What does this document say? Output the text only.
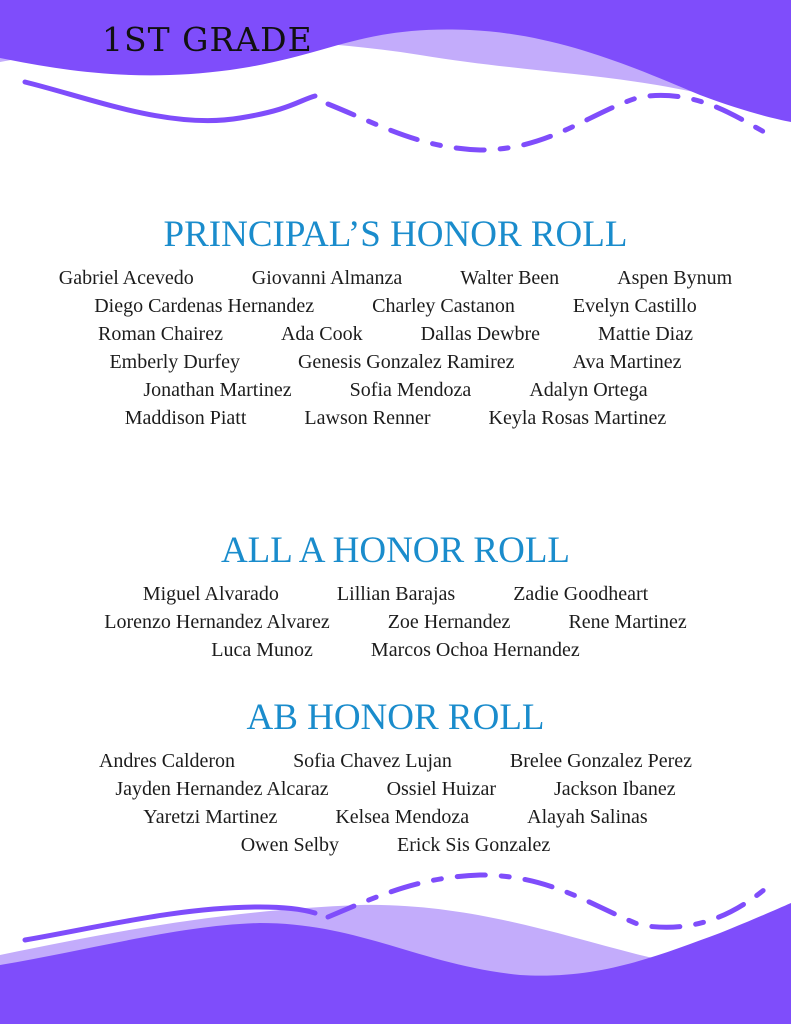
1ST GRADE
PRINCIPAL’S HONOR ROLL
Gabriel Acevedo	Giovanni Almanza	Walter Been	Aspen Bynum
Diego Cardenas Hernandez	Charley Castanon	Evelyn Castillo
Roman Chairez	Ada Cook	Dallas Dewbre	Mattie Diaz
Emberly Durfey	Genesis Gonzalez Ramirez	Ava Martinez
Jonathan Martinez	Sofia Mendoza	Adalyn Ortega
Maddison Piatt	Lawson Renner	Keyla Rosas Martinez
ALL A HONOR ROLL
Miguel Alvarado	Lillian Barajas	Zadie Goodheart
Lorenzo Hernandez Alvarez	Zoe Hernandez	Rene Martinez
Luca Munoz	Marcos Ochoa Hernandez
AB HONOR ROLL
Andres Calderon	Sofia Chavez Lujan	Brelee Gonzalez Perez
Jayden Hernandez Alcaraz	Ossiel Huizar	Jackson Ibanez
Yaretzi Martinez	Kelsea Mendoza	Alayah Salinas
Owen Selby	Erick Sis Gonzalez
